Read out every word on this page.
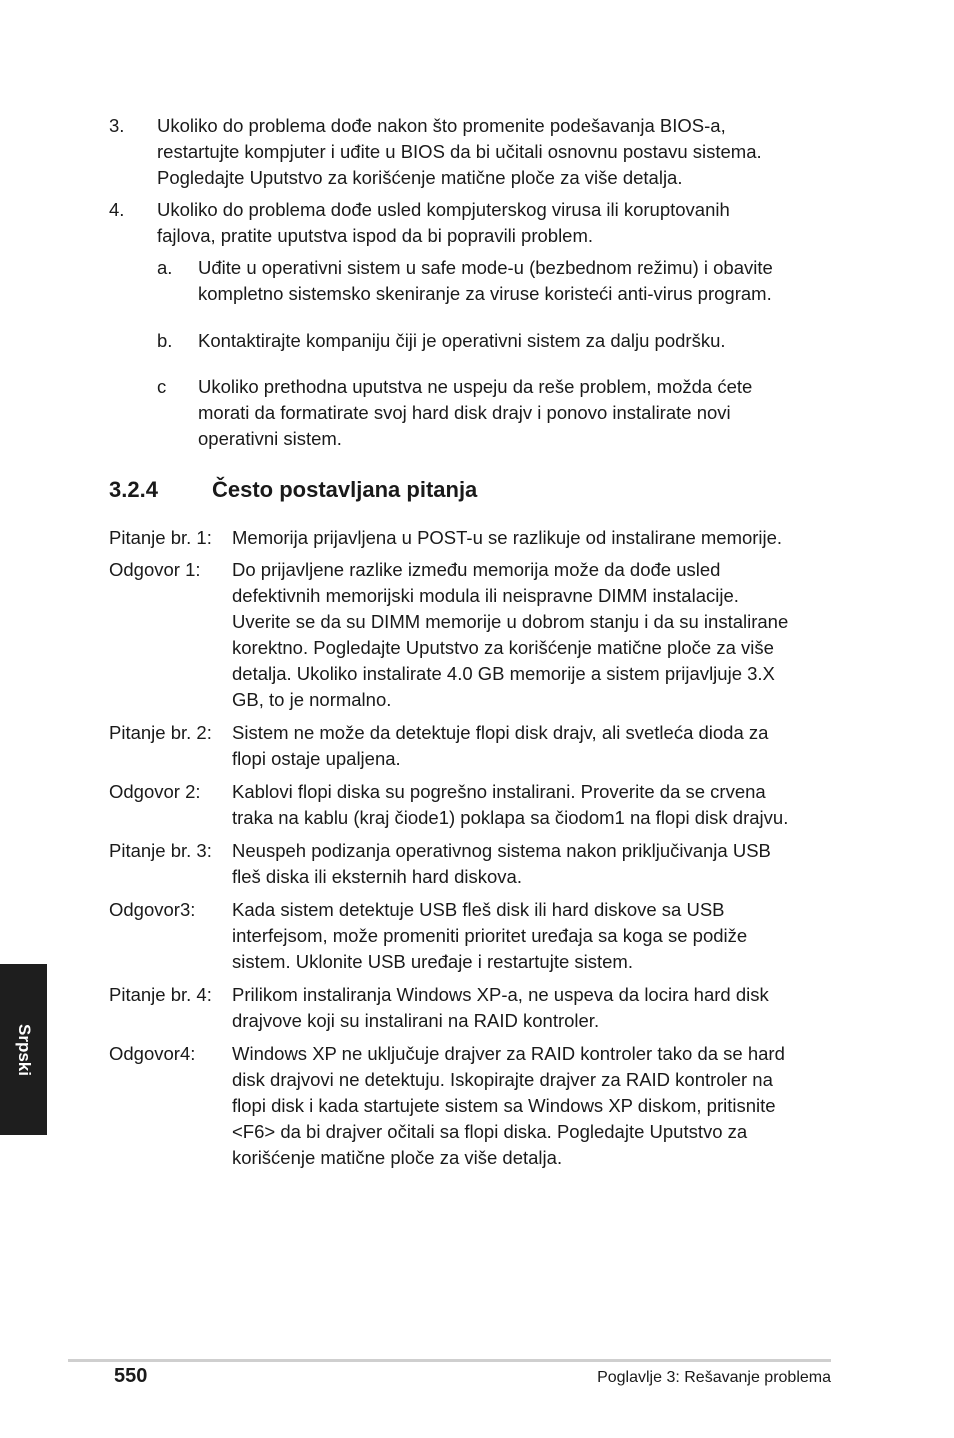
3. Ukoliko do problema dođe nakon što promenite podešavanja BIOS-a,
restartujte kompjuter i uđite u BIOS da bi učitali osnovnu postavu sistema.
Pogledajte Uputstvo za korišćenje matične ploče za više detalja.
4. Ukoliko do problema dođe usled kompjuterskog virusa ili koruptovanih
fajlova, pratite uputstva ispod da bi popravili problem.
a. Uđite u operativni sistem u safe mode-u (bezbednom režimu) i obavite
kompletno sistemsko skeniranje za viruse koristeći anti-virus program.
b. Kontaktirajte kompaniju čiji je operativni sistem za dalju podršku.
c Ukoliko prethodna uputstva ne uspeju da reše problem, možda ćete
morati da formatirate svoj hard disk drajv i ponovo instalirate novi
operativni sistem.
3.2.4 Često postavljana pitanja
Pitanje br. 1: Memorija prijavljena u POST-u se razlikuje od instalirane memorije.
Odgovor 1: Do prijavljene razlike između memorija može da dođe usled
defektivnih memorijski modula ili neispravne DIMM instalacije.
Uverite se da su DIMM memorije u dobrom stanju i da su instalirane
korektno. Pogledajte Uputstvo za korišćenje matične ploče za više
detalja. Ukoliko instalirate 4.0 GB memorije a sistem prijavljuje 3.X
GB, to je normalno.
Pitanje br. 2: Sistem ne može da detektuje flopi disk drajv, ali svetleća dioda za
flopi ostaje upaljena.
Odgovor 2: Kablovi flopi diska su pogrešno instalirani. Proverite da se crvena
traka na kablu (kraj čiode1) poklapa sa čiodom1 na flopi disk drajvu.
Pitanje br. 3: Neuspeh podizanja operativnog sistema nakon priključivanja USB
fleš diska ili eksternih hard diskova.
Odgovor3: Kada sistem detektuje USB fleš disk ili hard diskove sa USB
interfejsom, može promeniti prioritet uređaja sa koga se podiže
sistem. Uklonite USB uređaje i restartujte sistem.
Pitanje br. 4: Prilikom instaliranja Windows XP-a, ne uspeva da locira hard disk
drajvove koji su instalirani na RAID kontroler.
Odgovor4: Windows XP ne uključuje drajver za RAID kontroler tako da se hard
disk drajvovi ne detektuju. Iskopirajte drajver za RAID kontroler na
flopi disk i kada startujete sistem sa Windows XP diskom, pritisnite
<F6> da bi drajver očitali sa flopi diska. Pogledajte Uputstvo za
korišćenje matične ploče za više detalja.
Srpski
550	Poglavlje 3: Rešavanje problema
